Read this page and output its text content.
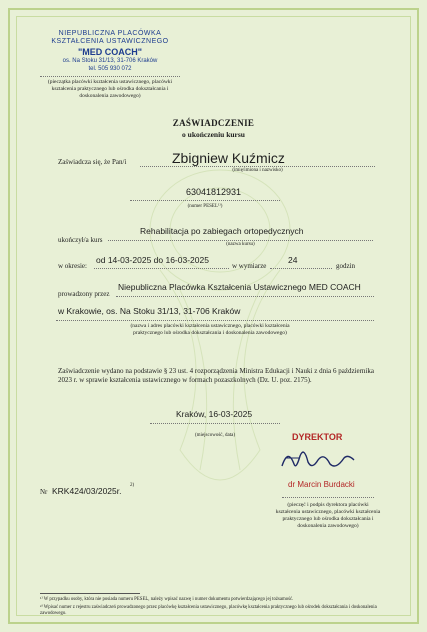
NIEPUBLICZNA PLACÓWKA
KSZTAŁCENIA USTAWICZNEGO
"MED COACH"
os. Na Stoku 31/13, 31-706 Kraków
tel. 505 930 072
(pieczątka placówki kształcenia ustawicznego, placówki kształcenia praktycznego lub ośrodka dokształcania i doskonalenia zawodowego)
ZAŚWIADCZENIE
o ukończeniu kursu
Zaświadcza się, że Pan/i	Zbigniew Kuźmicz
(imię/imiona i nazwisko)
63041812931
(numer PESEL¹⁾)
ukończył/a kurs
Rehabilitacja po zabiegach ortopedycznych
(nazwa kursu)
w okresie:
od 14-03-2025 do 16-03-2025
w wymiarze
24
godzin
prowadzony przez
Niepubliczna Placówka Kształcenia Ustawicznego MED COACH
w Krakowie, os. Na Stoku 31/13, 31-706 Kraków
(nazwa i adres placówki kształcenia ustawicznego, placówki kształcenia praktycznego lub ośrodka dokształcania i doskonalenia zawodowego)
Zaświadczenie wydano na podstawie § 23 ust. 4 rozporządzenia Ministra Edukacji i Nauki z dnia 6 października 2023 r. w sprawie kształcenia ustawicznego w formach pozaszkolnych (Dz. U. poz. 2175).
Kraków, 16-03-2025
(miejscowość, data)	DYREKTOR
dr Marcin Burdacki
(pieczęć i podpis dyrektora placówki kształcenia ustawicznego, placówki kształcenia praktycznego lub ośrodka dokształcania i doskonalenia zawodowego)
Nr KRK424/03/2025r.
2)
¹⁾ W przypadku osoby, która nie posiada numeru PESEL, należy wpisać nazwę i numer dokumentu potwierdzającego jej tożsamość.
²⁾ Wpisać numer z rejestru zaświadczeń prowadzonego przez placówkę kształcenia ustawicznego, placówkę kształcenia praktycznego lub ośrodek dokształcania i doskonalenia zawodowego.
